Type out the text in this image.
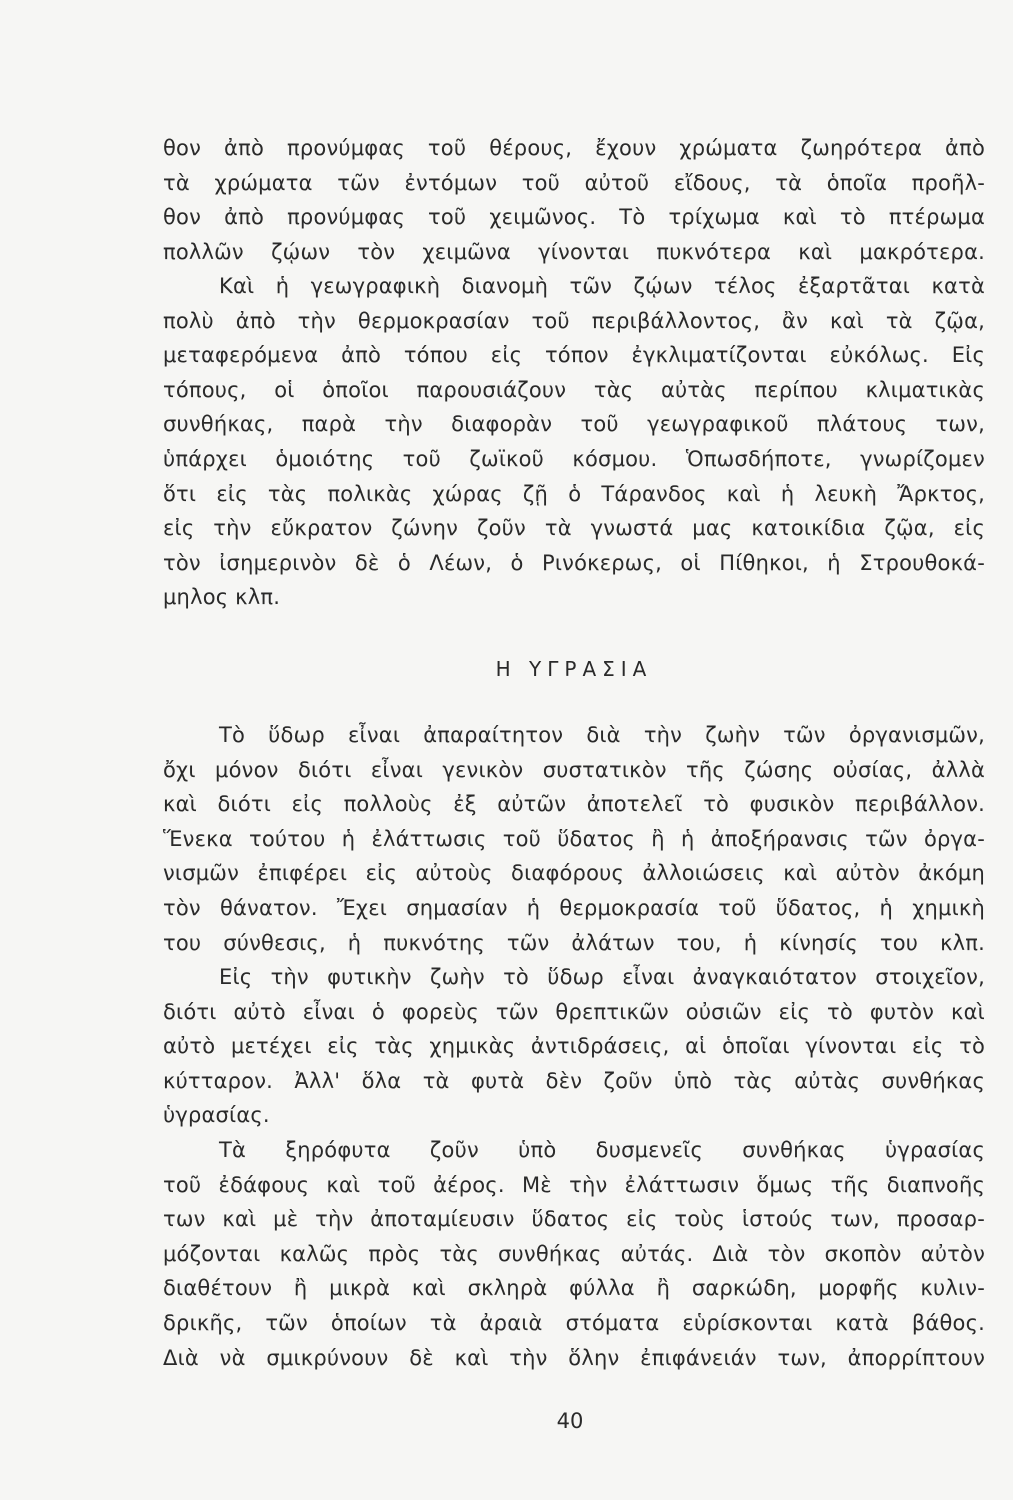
θον ἀπὸ προνύμφας τοῦ θέρους, ἔχουν χρώματα ζωηρότερα ἀπὸ
τὰ χρώματα τῶν ἐντόμων τοῦ αὐτοῦ εἴδους, τὰ ὁποῖα προῆλ-
θον ἀπὸ προνύμφας τοῦ χειμῶνος. Τὸ τρίχωμα καὶ τὸ πτέρωμα
πολλῶν ζῴων τὸν χειμῶνα γίνονται πυκνότερα καὶ μακρότερα.
Καὶ ἡ γεωγραφικὴ διανομὴ τῶν ζῴων τέλος ἐξαρτᾶται κατὰ
πολὺ ἀπὸ τὴν θερμοκρασίαν τοῦ περιβάλλοντος, ἂν καὶ τὰ ζῷα,
μεταφερόμενα ἀπὸ τόπου εἰς τόπον ἐγκλιματίζονται εὐκόλως. Εἰς
τόπους, οἱ ὁποῖοι παρουσιάζουν τὰς αὐτὰς περίπου κλιματικὰς
συνθήκας, παρὰ τὴν διαφορὰν τοῦ γεωγραφικοῦ πλάτους των,
ὑπάρχει ὁμοιότης τοῦ ζωϊκοῦ κόσμου. Ὁπωσδήποτε, γνωρίζομεν
ὅτι εἰς τὰς πολικὰς χώρας ζῇ ὁ Τάρανδος καὶ ἡ λευκὴ Ἄρκτος,
εἰς τὴν εὔκρατον ζώνην ζοῦν τὰ γνωστά μας κατοικίδια ζῷα, εἰς
τὸν ἰσημερινὸν δὲ ὁ Λέων, ὁ Ρινόκερως, οἱ Πίθηκοι, ἡ Στρουθοκά-
μηλος κλπ.
Η ΥΓΡΑΣΙΑ
Τὸ ὕδωρ εἶναι ἀπαραίτητον διὰ τὴν ζωὴν τῶν ὀργανισμῶν,
ὄχι μόνον διότι εἶναι γενικὸν συστατικὸν τῆς ζώσης οὐσίας, ἀλλὰ
καὶ διότι εἰς πολλοὺς ἐξ αὐτῶν ἀποτελεῖ τὸ φυσικὸν περιβάλλον.
Ἕνεκα τούτου ἡ ἐλάττωσις τοῦ ὕδατος ἢ ἡ ἀποξήρανσις τῶν ὀργα-
νισμῶν ἐπιφέρει εἰς αὐτοὺς διαφόρους ἀλλοιώσεις καὶ αὐτὸν ἀκόμη
τὸν θάνατον. Ἔχει σημασίαν ἡ θερμοκρασία τοῦ ὕδατος, ἡ χημικὴ
του σύνθεσις, ἡ πυκνότης τῶν ἀλάτων του, ἡ κίνησίς του κλπ.
Εἰς τὴν φυτικὴν ζωὴν τὸ ὕδωρ εἶναι ἀναγκαιότατον στοιχεῖον,
διότι αὐτὸ εἶναι ὁ φορεὺς τῶν θρεπτικῶν οὐσιῶν εἰς τὸ φυτὸν καὶ
αὐτὸ μετέχει εἰς τὰς χημικὰς ἀντιδράσεις, αἱ ὁποῖαι γίνονται εἰς τὸ
κύτταρον. Ἀλλ' ὅλα τὰ φυτὰ δὲν ζοῦν ὑπὸ τὰς αὐτὰς συνθήκας
ὑγρασίας.
Τὰ ξηρόφυτα ζοῦν ὑπὸ δυσμενεῖς συνθήκας ὑγρασίας
τοῦ ἐδάφους καὶ τοῦ ἀέρος. Μὲ τὴν ἐλάττωσιν ὅμως τῆς διαπνοῆς
των καὶ μὲ τὴν ἀποταμίευσιν ὕδατος εἰς τοὺς ἱστούς των, προσαρ-
μόζονται καλῶς πρὸς τὰς συνθήκας αὐτάς. Διὰ τὸν σκοπὸν αὐτὸν
διαθέτουν ἢ μικρὰ καὶ σκληρὰ φύλλα ἢ σαρκώδη, μορφῆς κυλιν-
δρικῆς, τῶν ὁποίων τὰ ἀραιὰ στόματα εὑρίσκονται κατὰ βάθος.
Διὰ νὰ σμικρύνουν δὲ καὶ τὴν ὅλην ἐπιφάνειάν των, ἀπορρίπτουν
40
